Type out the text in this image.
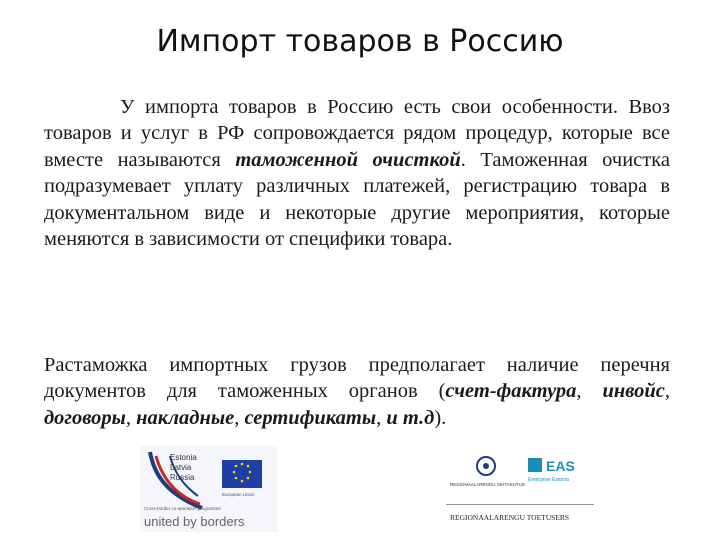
Импорт товаров в Россию
У импорта товаров в Россию есть свои особенности. Ввоз товаров и услуг в РФ сопровождается рядом процедур, которые все вместе называются таможенной очисткой. Таможенная очистка подразумевает уплату различных платежей, регистрацию товара в документальном виде и некоторые другие мероприятия, которые меняются в зависимости от специфики товара.
Растаможка импортных грузов предполагает наличие перечня документов для таможенных органов (счет-фактура, инвойс, договоры, накладные, сертификаты, и т.д).
Estonia
Latvia
Russia
Cross-border co-operation programme
European Union
united by borders
REGIONAALARENGU SIHTASUTUS
EAS
Enterprise Estonia
REGIONAALARENGU TOETUSERS
